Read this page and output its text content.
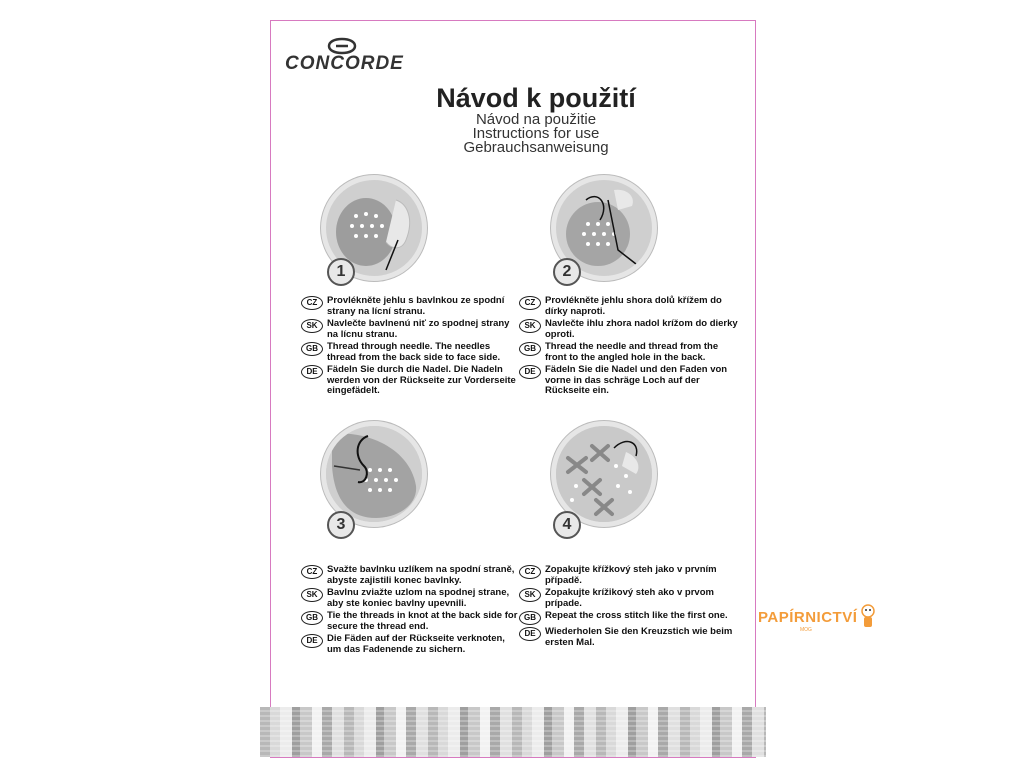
CONCORDE
Návod k použití
Návod na použitie
Instructions for use
Gebrauchsanweisung
1
CZ	Provlékněte jehlu s bavlnkou ze spodní strany na lícní stranu.
SK Navlečte bavlnenú niť zo spodnej strany na lícnu stranu.
GB Thread through needle. The needles thread from the back side to face side.
DE Fädeln Sie durch die Nadel. Die Nadeln werden von der Rückseite zur Vorderseite eingefädelt.
2
CZ	Provlékněte jehlu shora dolů křížem do dírky naproti.
SK Navlečte ihlu zhora nadol krížom do dierky oproti.
GB Thread the needle and thread from the front to the angled hole in the back.
DE Fädeln Sie die Nadel und den Faden von vorne in das schräge Loch auf der Rückseite ein.
3
CZ	Svažte bavlnku uzlíkem na spodní straně, abyste zajistili konec bavlnky.
SK Bavlnu zviažte uzlom na spodnej strane, aby ste koniec bavlny upevnili.
GB Tie the threads in knot at the back side for secure the thread end.
DE Die Fäden auf der Rückseite verknoten, um das Fadenende zu sichern.
4
CZ	Zopakujte křížkový steh jako v prvním případě.
SK Zopakujte krížikový steh ako v prvom prípade.
GB Repeat the cross stitch like the first one.
DE Wiederholen Sie den Kreuzstich wie beim ersten Mal.
PAPÍRNICTVÍ
MOG
